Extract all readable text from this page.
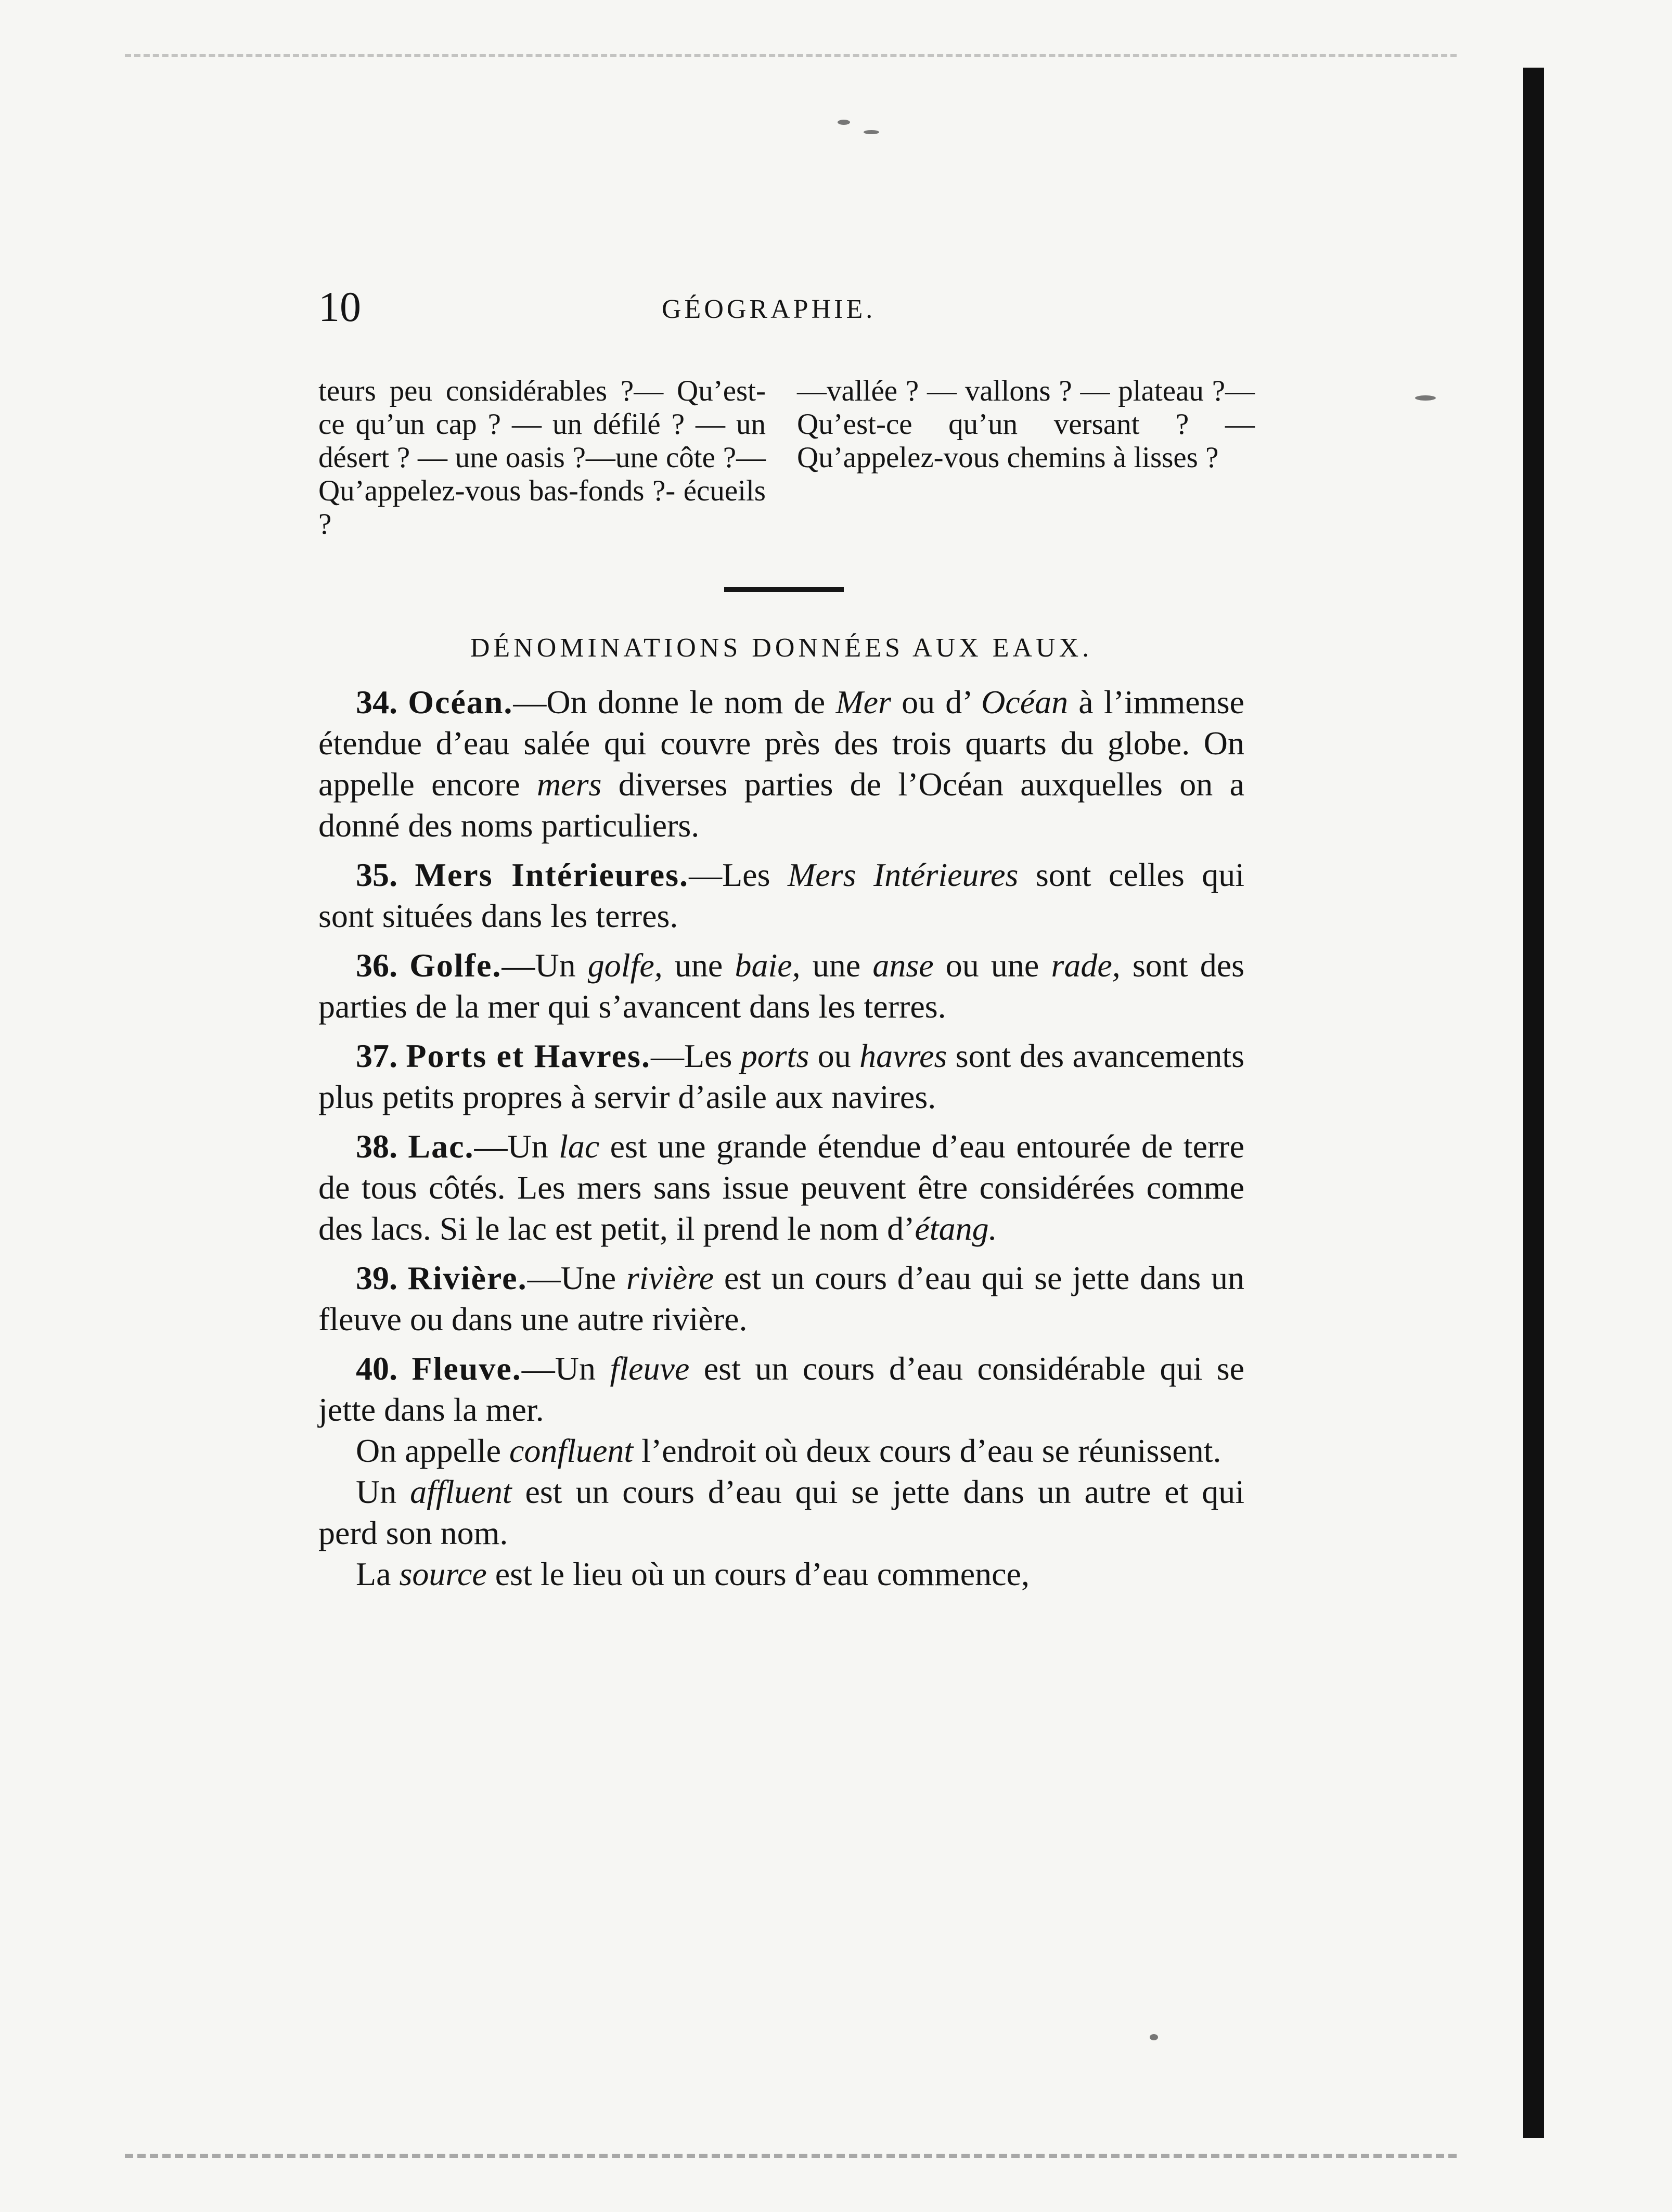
10	GÉOGRAPHIE.
teurs peu considérables ?— Qu’est-ce qu’un cap ? — un défilé ? — un désert ? — une oasis ?—une côte ?—Qu’appelez-vous bas-fonds ?- écueils ?
—vallée ? — vallons ? — plateau ?—Qu’est-ce qu’un versant ? —Qu’appelez-vous chemins à lisses ?
DÉNOMINATIONS DONNÉES AUX EAUX.

34. Océan.—On donne le nom de Mer ou d’ Océan à l’immense étendue d’eau salée qui couvre près des trois quarts du globe. On appelle encore mers diverses parties de l’Océan auxquelles on a donné des noms particuliers.

35. Mers Intérieures.—Les Mers Intérieures sont celles qui sont situées dans les terres.

36. Golfe.—Un golfe, une baie, une anse ou une rade, sont des parties de la mer qui s’avancent dans les terres.

37. Ports et Havres.—Les ports ou havres sont des avancements plus petits propres à servir d’asile aux navires.

38. Lac.—Un lac est une grande étendue d’eau entourée de terre de tous côtés. Les mers sans issue peuvent être considérées comme des lacs. Si le lac est petit, il prend le nom d’étang.

39. Rivière.—Une rivière est un cours d’eau qui se jette dans un fleuve ou dans une autre rivière.

40. Fleuve.—Un fleuve est un cours d’eau considérable qui se jette dans la mer.

On appelle confluent l’endroit où deux cours d’eau se réunissent.

Un affluent est un cours d’eau qui se jette dans un autre et qui perd son nom.

La source est le lieu où un cours d’eau commence,
